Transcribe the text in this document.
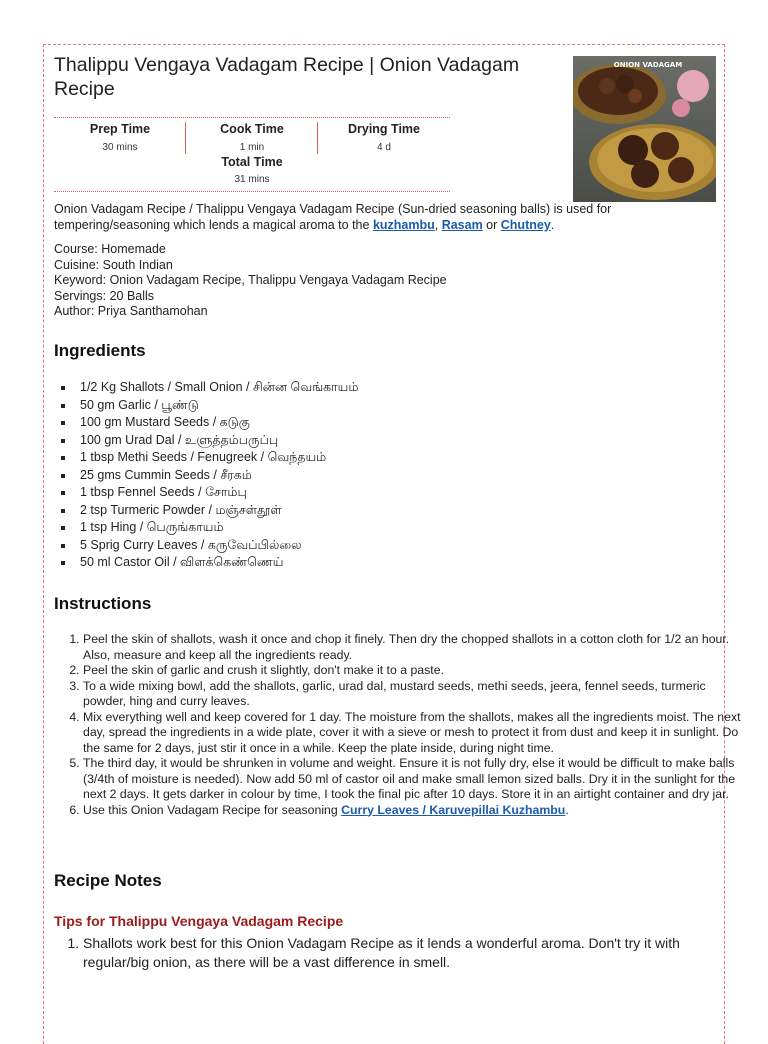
Thalippu Vengaya Vadagam Recipe | Onion Vadagam Recipe
ONION VADAGAM
Prep Time
30 mins
Cook Time
1 min
Drying Time
4 d
Total Time
31 mins

Onion Vadagam Recipe / Thalippu Vengaya Vadagam Recipe (Sun-dried seasoning balls) is used for tempering/seasoning which lends a magical aroma to the kuzhambu, Rasam or Chutney.

Course: Homemade
Cuisine: South Indian
Keyword: Onion Vadagam Recipe, Thalippu Vengaya Vadagam Recipe
Servings: 20 Balls
Author: Priya Santhamohan
Ingredients
1/2 Kg Shallots / Small Onion / சின்ன வெங்காயம்
50 gm Garlic / பூண்டு
100 gm Mustard Seeds / கடுகு
100 gm Urad Dal / உளுத்தம்பருப்பு
1 tbsp Methi Seeds / Fenugreek / வெந்தயம்
25 gms Cummin Seeds / சீரகம்
1 tbsp Fennel Seeds / சோம்பு
2 tsp Turmeric Powder / மஞ்சள்தூள்
1 tsp Hing / பெருங்காயம்
5 Sprig Curry Leaves / கருவேப்பில்லை
50 ml Castor Oil / விளக்கெண்ணெய்
Instructions
1. Peel the skin of shallots, wash it once and chop it finely. Then dry the chopped shallots in a cotton cloth for 1/2 an hour. Also, measure and keep all the ingredients ready.
2. Peel the skin of garlic and crush it slightly, don't make it to a paste.
3. To a wide mixing bowl, add the shallots, garlic, urad dal, mustard seeds, methi seeds, jeera, fennel seeds, turmeric powder, hing and curry leaves.
4. Mix everything well and keep covered for 1 day. The moisture from the shallots, makes all the ingredients moist. The next day, spread the ingredients in a wide plate, cover it with a sieve or mesh to protect it from dust and keep it in sunlight. Do the same for 2 days, just stir it once in a while. Keep the plate inside, during night time.
5. The third day, it would be shrunken in volume and weight. Ensure it is not fully dry, else it would be difficult to make balls (3/4th of moisture is needed). Now add 50 ml of castor oil and make small lemon sized balls. Dry it in the sunlight for the next 2 days. It gets darker in colour by time, I took the final pic after 10 days. Store it in an airtight container and dry jar.
6. Use this Onion Vadagam Recipe for seasoning Curry Leaves / Karuvepillai Kuzhambu.
Recipe Notes
Tips for Thalippu Vengaya Vadagam Recipe
1. Shallots work best for this Onion Vadagam Recipe as it lends a wonderful aroma. Don't try it with regular/big onion, as there will be a vast difference in smell.
